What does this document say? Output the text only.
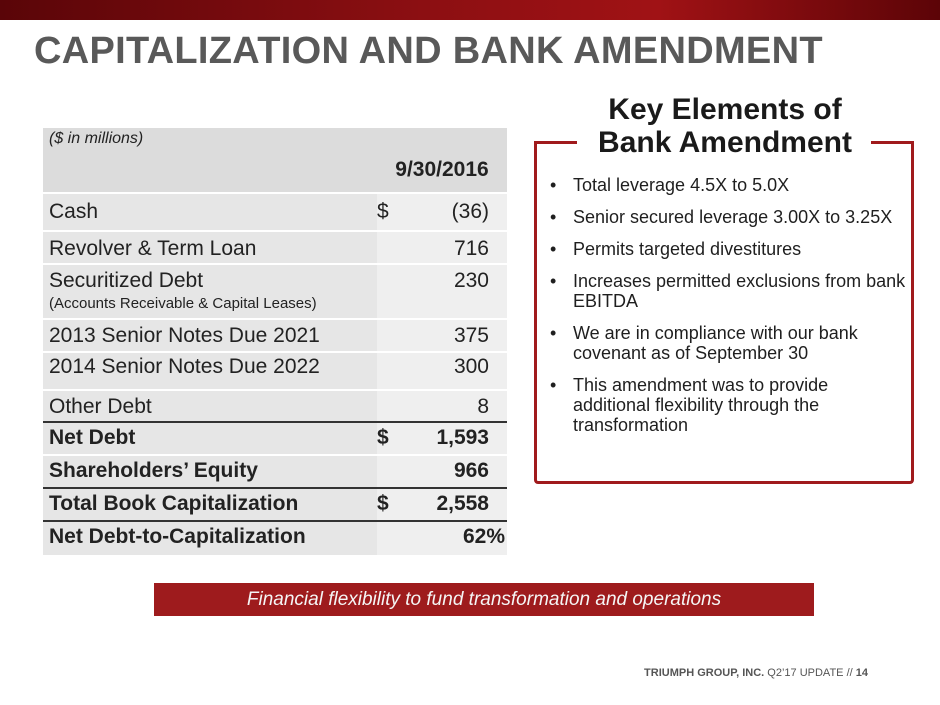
CAPITALIZATION AND BANK AMENDMENT
($ in millions)	9/30/2016
Cash	$ (36)
Revolver & Term Loan	716
Securitized Debt
(Accounts Receivable & Capital Leases)	230
2013 Senior Notes Due 2021	375
2014 Senior Notes Due 2022	300
Other Debt	8
Net Debt	$ 1,593
Shareholders’ Equity	966
Total Book Capitalization	$ 2,558
Net Debt-to-Capitalization	62%
Key Elements of
Bank Amendment
• Total leverage 4.5X to 5.0X
• Senior secured leverage 3.00X to 3.25X
• Permits targeted divestitures
• Increases permitted exclusions from bank EBITDA
• We are in compliance with our bank covenant as of September 30
• This amendment was to provide additional flexibility through the transformation
Financial flexibility to fund transformation and operations
TRIUMPH GROUP, INC. Q2’17 UPDATE // 14
